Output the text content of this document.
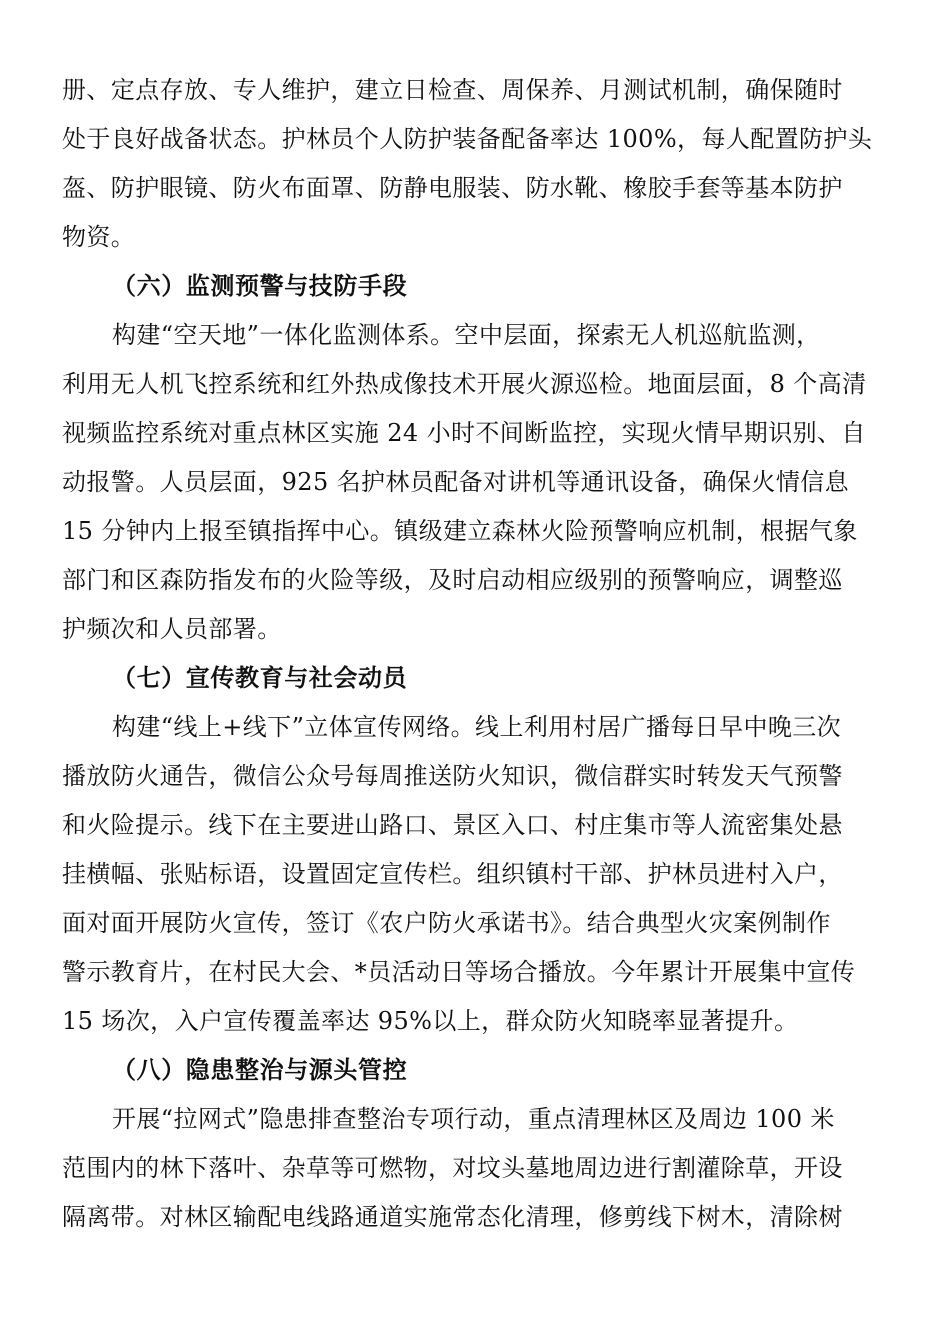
册、定点存放、专人维护，建立日检查、周保养、月测试机制，确保随时
处于良好战备状态。护林员个人防护装备配备率达 100%，每人配置防护头
盔、防护眼镜、防火布面罩、防静电服装、防水靴、橡胶手套等基本防护
物资。
（六）监测预警与技防手段
构建“空天地”一体化监测体系。空中层面，探索无人机巡航监测，
利用无人机飞控系统和红外热成像技术开展火源巡检。地面层面，8 个高清
视频监控系统对重点林区实施 24 小时不间断监控，实现火情早期识别、自
动报警。人员层面，925 名护林员配备对讲机等通讯设备，确保火情信息
15 分钟内上报至镇指挥中心。镇级建立森林火险预警响应机制，根据气象
部门和区森防指发布的火险等级，及时启动相应级别的预警响应，调整巡
护频次和人员部署。
（七）宣传教育与社会动员
构建“线上+线下”立体宣传网络。线上利用村居广播每日早中晚三次
播放防火通告，微信公众号每周推送防火知识，微信群实时转发天气预警
和火险提示。线下在主要进山路口、景区入口、村庄集市等人流密集处悬
挂横幅、张贴标语，设置固定宣传栏。组织镇村干部、护林员进村入户，
面对面开展防火宣传，签订《农户防火承诺书》。结合典型火灾案例制作
警示教育片，在村民大会、*员活动日等场合播放。今年累计开展集中宣传
15 场次，入户宣传覆盖率达 95%以上，群众防火知晓率显著提升。
（八）隐患整治与源头管控
开展“拉网式”隐患排查整治专项行动，重点清理林区及周边 100 米
范围内的林下落叶、杂草等可燃物，对坟头墓地周边进行割灌除草，开设
隔离带。对林区输配电线路通道实施常态化清理，修剪线下树木，清除树
